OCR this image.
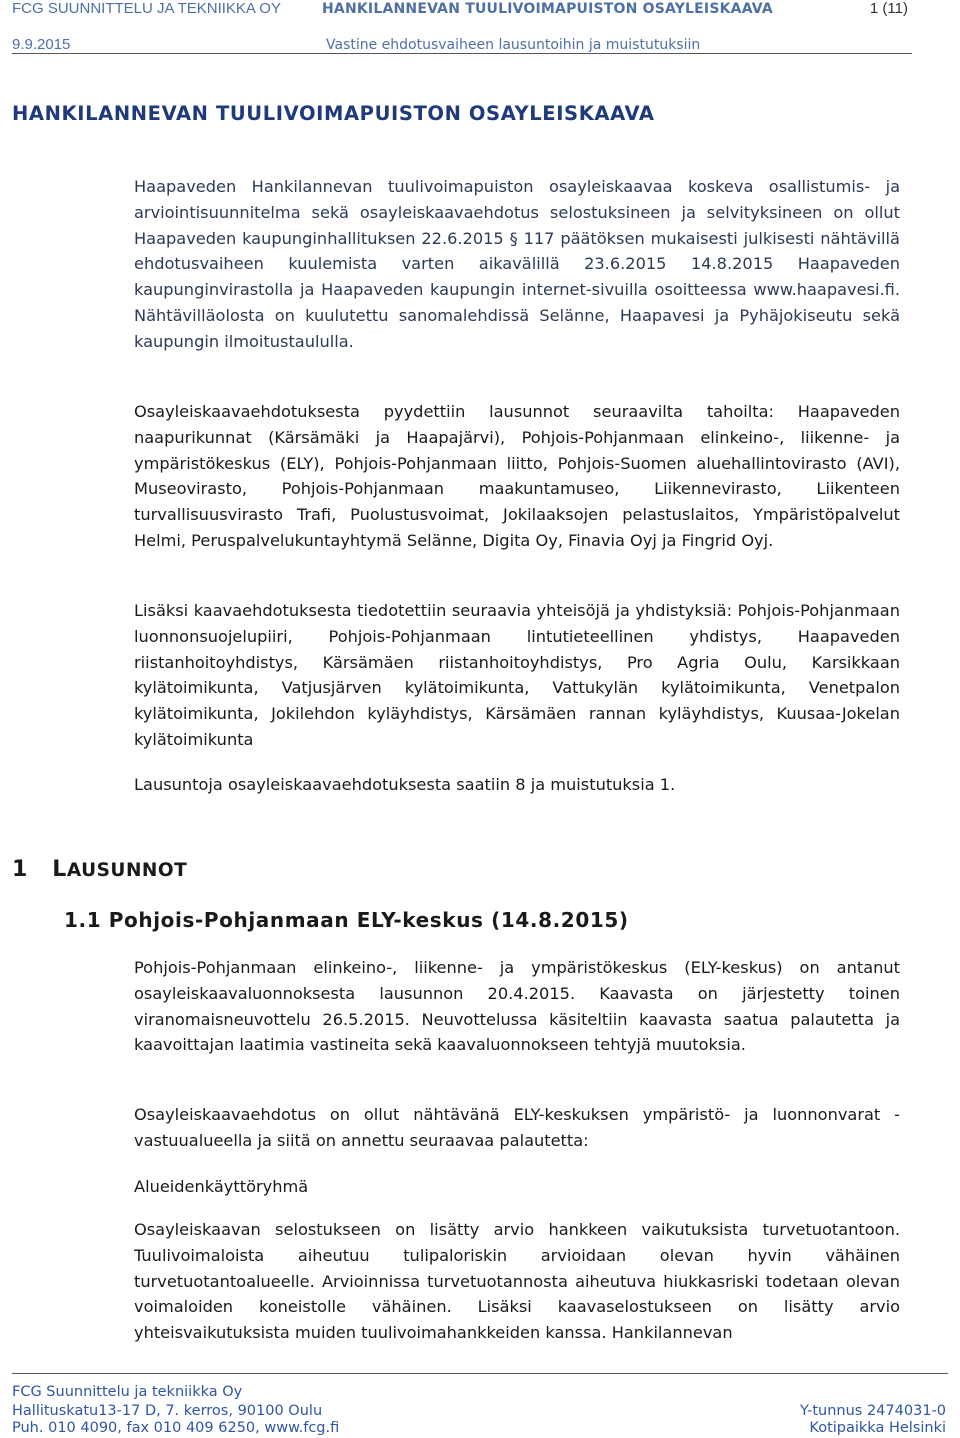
FCG SUUNNITTELU JA TEKNIIKKA OY	HANKILANNEVAN TUULIVOIMAPUISTON OSAYLEISKAAVA	1 (11)
9.9.2015	Vastine ehdotusvaiheen lausuntoihin ja muistutuksiin
HANKILANNEVAN TUULIVOIMAPUISTON OSAYLEISKAAVA

Haapaveden Hankilannevan tuulivoimapuiston osayleiskaavaa koskeva osallistumis- ja arviointisuunnitelma sekä osayleiskaavaehdotus selostuksineen ja selvityksineen on ollut Haapaveden kaupunginhallituksen 22.6.2015 § 117 päätöksen mukaisesti julkisesti nähtävillä ehdotusvaiheen kuulemista varten aikavälillä 23.6.2015 14.8.2015 Haapaveden kaupunginvirastolla ja Haapaveden kaupungin internet-sivuilla osoitteessa www.haapavesi.fi. Nähtävilläolosta on kuulutettu sanomalehdissä Selänne, Haapavesi ja Pyhäjokiseutu sekä kaupungin ilmoitustaululla.

Osayleiskaavaehdotuksesta pyydettiin lausunnot seuraavilta tahoilta: Haapaveden naapurikunnat (Kärsämäki ja Haapajärvi), Pohjois-Pohjanmaan elinkeino-, liikenne- ja ympäristökeskus (ELY), Pohjois-Pohjanmaan liitto, Pohjois-Suomen aluehallintovirasto (AVI), Museovirasto, Pohjois-Pohjanmaan maakuntamuseo, Liikennevirasto, Liikenteen turvallisuusvirasto Trafi, Puolustusvoimat, Jokilaaksojen pelastuslaitos, Ympäristöpalvelut Helmi, Peruspalvelukuntayhtymä Selänne, Digita Oy, Finavia Oyj ja Fingrid Oyj.

Lisäksi kaavaehdotuksesta tiedotettiin seuraavia yhteisöjä ja yhdistyksiä: Pohjois-Pohjanmaan luonnonsuojelupiiri, Pohjois-Pohjanmaan lintutieteellinen yhdistys, Haapaveden riistanhoitoyhdistys, Kärsämäen riistanhoitoyhdistys, Pro Agria Oulu, Karsikkaan kylätoimikunta, Vatjusjärven kylätoimikunta, Vattukylän kylätoimikunta, Venetpalon kylätoimikunta, Jokilehdon kyläyhdistys, Kärsämäen rannan kyläyhdistys, Kuusaa-Jokelan kylätoimikunta

Lausuntoja osayleiskaavaehdotuksesta saatiin 8 ja muistutuksia 1.

1 LAUSUNNOT
1.1 Pohjois-Pohjanmaan ELY-keskus (14.8.2015)

Pohjois-Pohjanmaan elinkeino-, liikenne- ja ympäristökeskus (ELY-keskus) on antanut osayleiskaavaluonnoksesta lausunnon 20.4.2015. Kaavasta on järjestetty toinen viranomaisneuvottelu 26.5.2015. Neuvottelussa käsiteltiin kaavasta saatua palautetta ja kaavoittajan laatimia vastineita sekä kaavaluonnokseen tehtyjä muutoksia.

Osayleiskaavaehdotus on ollut nähtävänä ELY-keskuksen ympäristö- ja luonnonvarat -vastuualueella ja siitä on annettu seuraavaa palautetta:

Alueidenkäyttöryhmä

Osayleiskaavan selostukseen on lisätty arvio hankkeen vaikutuksista turvetuotantoon. Tuulivoimaloista aiheutuu tulipaloriskin arvioidaan olevan hyvin vähäinen turvetuotantoalueelle. Arvioinnissa turvetuotannosta aiheutuva hiukkasriski todetaan olevan voimaloiden koneistolle vähäinen. Lisäksi kaavaselostukseen on lisätty arvio yhteisvaikutuksista muiden tuulivoimahankkeiden kanssa. Hankilannevan

FCG Suunnittelu ja tekniikka Oy
Hallituskatu13-17 D, 7. kerros, 90100 Oulu
Puh. 010 4090, fax 010 409 6250, www.fcg.fi
Y-tunnus 2474031-0
Kotipaikka Helsinki
